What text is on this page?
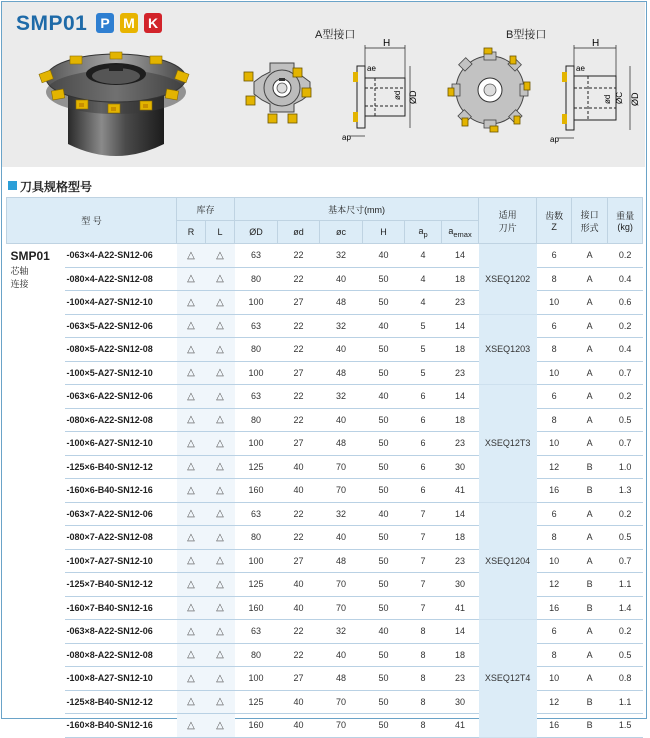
SMP01 P M K
A型接口
H
ae
ød ØD
ap
B型接口
H
ae
ød ØC ØD
ap
刀具规格型号
型 号		库存		基本尺寸(mm)						适用
刀片	齿数
Z	接口
形式	重量
(kg)
		R	L	ØD	ød	øc	H	$a_p$	$a_{emax}$

SMP01
芯轴
连接	-063×4-A22-SN12-06	△	△	63	22	32	40	4	14	XSEQ1202	6	A	0.2
	-080×4-A22-SN12-08	△	△	80	22	40	50	4	18		8	A	0.4
	-100×4-A27-SN12-10	△	△	100	27	48	50	4	23		10	A	0.6
	-063×5-A22-SN12-06	△	△	63	22	32	40	5	14	XSEQ1203	6	A	0.2
	-080×5-A22-SN12-08	△	△	80	22	40	50	5	18		8	A	0.4
	-100×5-A27-SN12-10	△	△	100	27	48	50	5	23		10	A	0.7
	-063×6-A22-SN12-06	△	△	63	22	32	40	6	14	XSEQ12T3	6	A	0.2
	-080×6-A22-SN12-08	△	△	80	22	40	50	6	18		8	A	0.5
	-100×6-A27-SN12-10	△	△	100	27	48	50	6	23		10	A	0.7
	-125×6-B40-SN12-12	△	△	125	40	70	50	6	30		12	B	1.0
	-160×6-B40-SN12-16	△	△	160	40	70	50	6	41		16	B	1.3
	-063×7-A22-SN12-06	△	△	63	22	32	40	7	14	XSEQ1204	6	A	0.2
	-080×7-A22-SN12-08	△	△	80	22	40	50	7	18		8	A	0.5
	-100×7-A27-SN12-10	△	△	100	27	48	50	7	23		10	A	0.7
	-125×7-B40-SN12-12	△	△	125	40	70	50	7	30		12	B	1.1
	-160×7-B40-SN12-16	△	△	160	40	70	50	7	41		16	B	1.4
	-063×8-A22-SN12-06	△	△	63	22	32	40	8	14	XSEQ12T4	6	A	0.2
	-080×8-A22-SN12-08	△	△	80	22	40	50	8	18		8	A	0.5
	-100×8-A27-SN12-10	△	△	100	27	48	50	8	23		10	A	0.8
	-125×8-B40-SN12-12	△	△	125	40	70	50	8	30		12	B	1.1
	-160×8-B40-SN12-16	△	△	160	40	70	50	8	41		16	B	1.5
